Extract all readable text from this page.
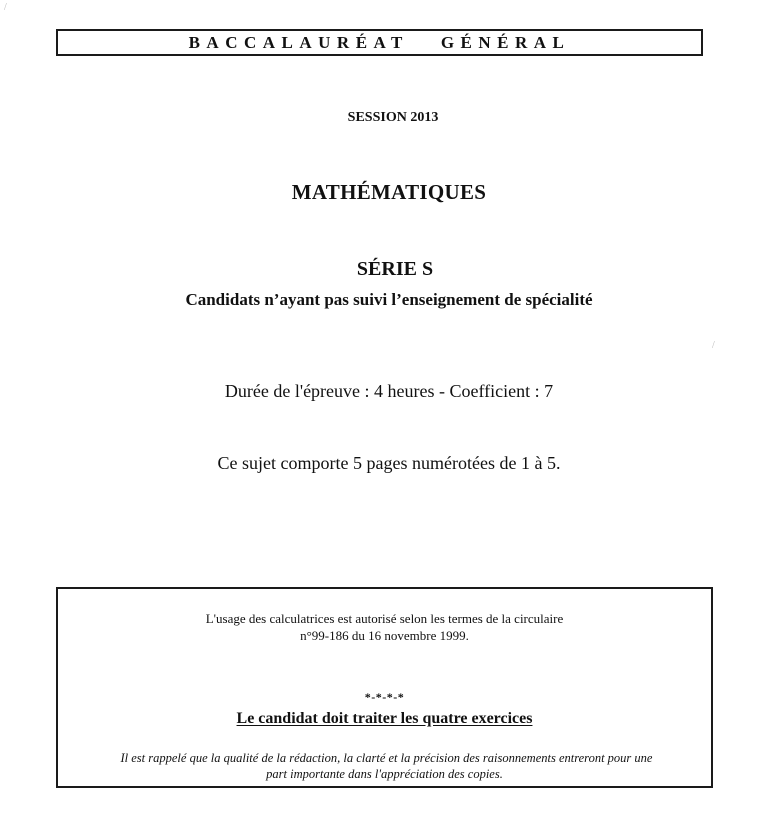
/
/
BACCALAURÉAT   GÉNÉRAL
SESSION 2013
MATHÉMATIQUES
SÉRIE S
Candidats n’ayant pas suivi l’enseignement de spécialité
Durée de l'épreuve : 4 heures - Coefficient : 7
Ce sujet comporte 5 pages numérotées de 1 à 5.
L'usage des calculatrices est autorisé selon les termes de la circulaire
n°99-186 du 16 novembre 1999.
*-*-*-*
Le candidat doit traiter les quatre exercices
Il est rappelé que la qualité de la rédaction, la clarté et la précision des raisonnements entreront pour une
part importante dans l'appréciation des copies.
